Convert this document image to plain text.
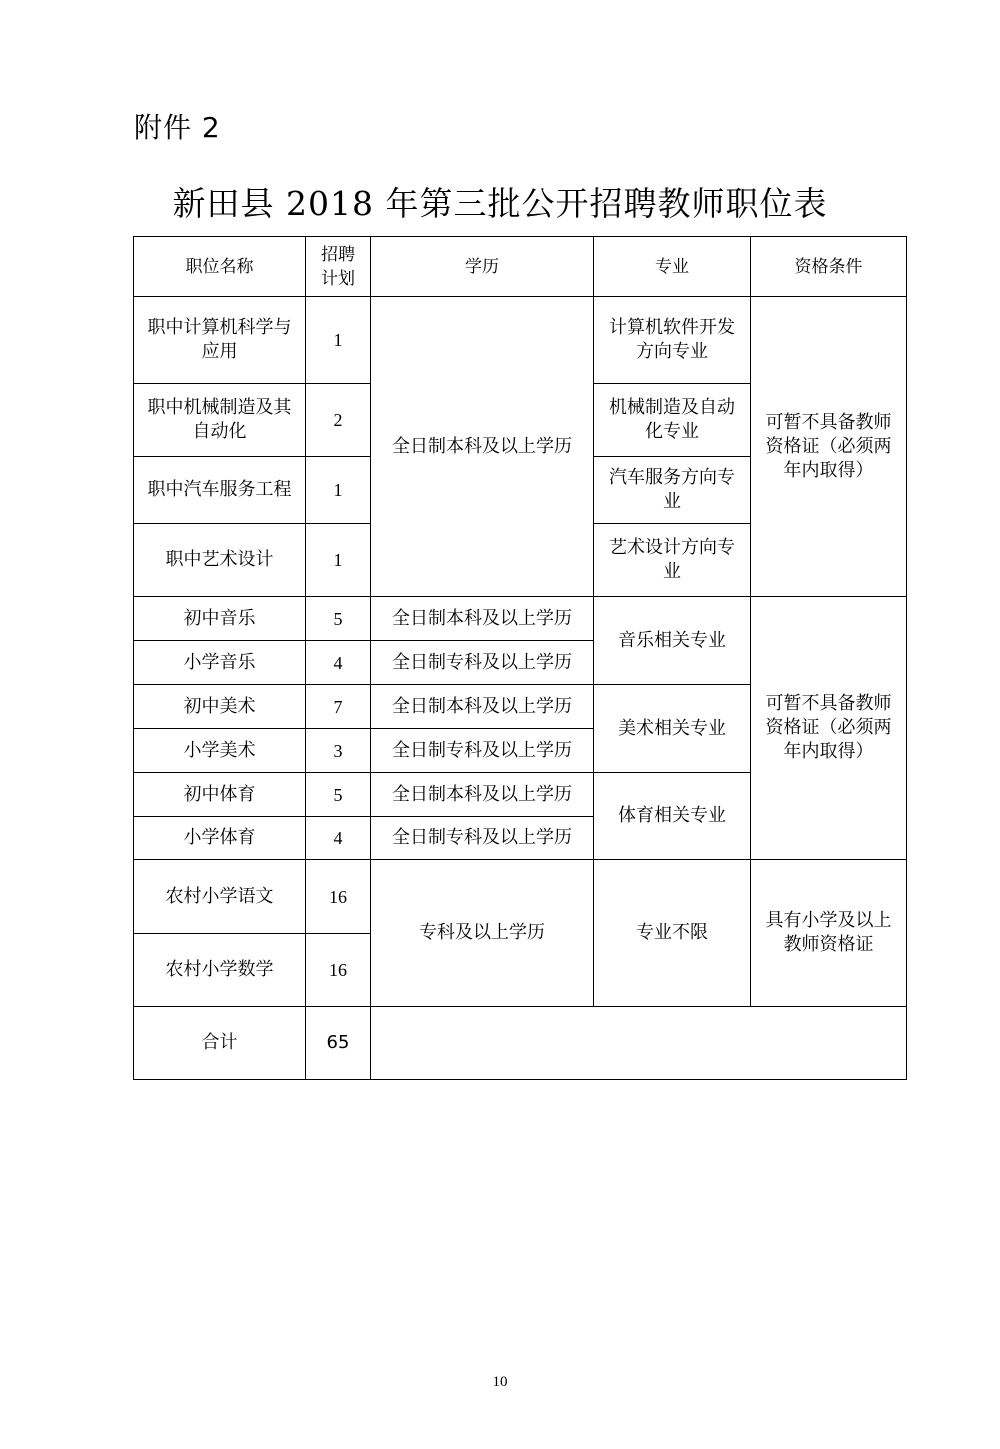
附件 2
新田县 2018 年第三批公开招聘教师职位表
职位名称	招聘计划	学历	专业	资格条件
职中计算机科学与应用	1	全日制本科及以上学历	计算机软件开发方向专业	可暂不具备教师资格证（必须两年内取得）
职中机械制造及其自动化	2		机械制造及自动化专业	
职中汽车服务工程	1		汽车服务方向专业	
职中艺术设计	1		艺术设计方向专业	
初中音乐	5	全日制本科及以上学历	音乐相关专业	可暂不具备教师资格证（必须两年内取得）
小学音乐	4	全日制专科及以上学历		
初中美术	7	全日制本科及以上学历	美术相关专业	
小学美术	3	全日制专科及以上学历		
初中体育	5	全日制本科及以上学历	体育相关专业	
小学体育	4	全日制专科及以上学历		
农村小学语文	16	专科及以上学历	专业不限	具有小学及以上教师资格证
农村小学数学	16			
合计	65			
10
